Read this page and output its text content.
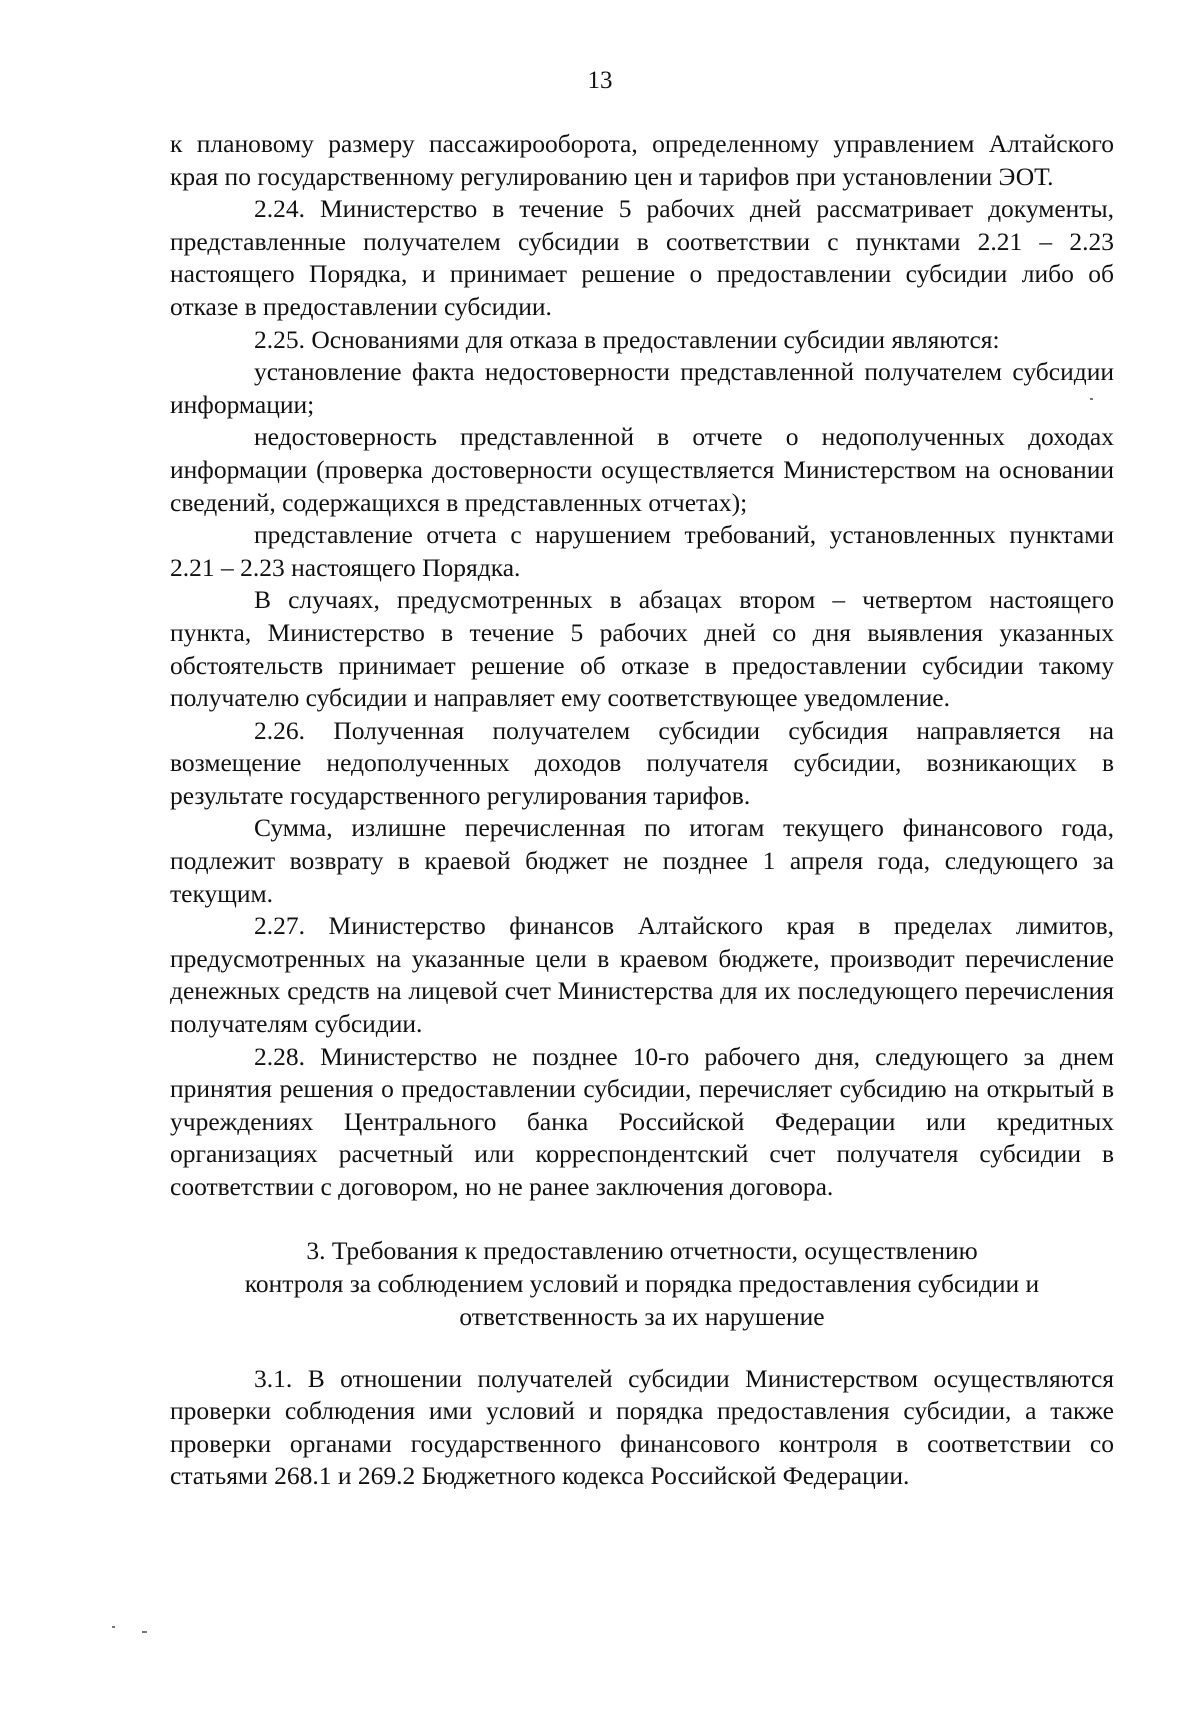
13

к плановому размеру пассажирооборота, определенному управлением Алтайского края по государственному регулированию цен и тарифов при установлении ЭОТ.

2.24. Министерство в течение 5 рабочих дней рассматривает документы, представленные получателем субсидии в соответствии с пунктами 2.21 – 2.23 настоящего Порядка, и принимает решение о предоставлении субсидии либо об отказе в предоставлении субсидии.

2.25. Основаниями для отказа в предоставлении субсидии являются:

установление факта недостоверности представленной получателем субсидии информации;

недостоверность представленной в отчете о недополученных доходах информации (проверка достоверности осуществляется Министерством на основании сведений, содержащихся в представленных отчетах);

представление отчета с нарушением требований, установленных пунктами 2.21 – 2.23 настоящего Порядка.

В случаях, предусмотренных в абзацах втором – четвертом настоящего пункта, Министерство в течение 5 рабочих дней со дня выявления указанных обстоятельств принимает решение об отказе в предоставлении субсидии такому получателю субсидии и направляет ему соответствующее уведомление.

2.26. Полученная получателем субсидии субсидия направляется на возмещение недополученных доходов получателя субсидии, возникающих в результате государственного регулирования тарифов.

Сумма, излишне перечисленная по итогам текущего финансового года, подлежит возврату в краевой бюджет не позднее 1 апреля года, следующего за текущим.

2.27. Министерство финансов Алтайского края в пределах лимитов, предусмотренных на указанные цели в краевом бюджете, производит перечисление денежных средств на лицевой счет Министерства для их последующего перечисления получателям субсидии.

2.28. Министерство не позднее 10-го рабочего дня, следующего за днем принятия решения о предоставлении субсидии, перечисляет субсидию на открытый в учреждениях Центрального банка Российской Федерации или кредитных организациях расчетный или корреспондентский счет получателя субсидии в соответствии с договором, но не ранее заключения договора.

3. Требования к предоставлению отчетности, осуществлению
контроля за соблюдением условий и порядка предоставления субсидии и
ответственность за их нарушение

3.1. В отношении получателей субсидии Министерством осуществляются проверки соблюдения ими условий и порядка предоставления субсидии, а также проверки органами государственного финансового контроля в соответствии со статьями 268.1 и 269.2 Бюджетного кодекса Российской Федерации.
